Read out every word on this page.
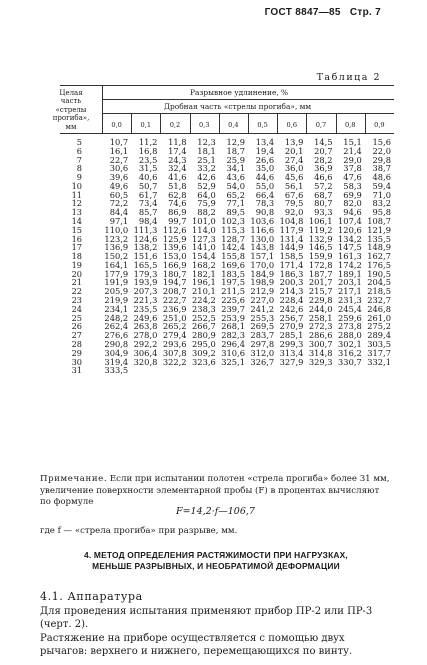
ГОСТ 8847—85 Стр. 7
Таблица 2
Целая
часть
«стрелы
прогиба»,
мм
Разрывное удлинение, %
Дробная часть «стрелы прогиба», мм
0,0	0,1	0,2	0,3	0,4	0,5	0,6	0,7	0,8	0,9
5	10,7	11,2	11,8	12,3	12,9	13,4	13,9	14,5	15,1	15,6
6	16,1	16,8	17,4	18,1	18,7	19,4	20,1	20,7	21,4	22,0
7	22,7	23,5	24,3	25,1	25,9	26,6	27,4	28,2	29,0	29,8
8	30,6	31,5	32,4	33,2	34,1	35,0	36,0	36,9	37,8	38,7
9	39,6	40,6	41,6	42,6	43,6	44,6	45,6	46,6	47,6	48,6
10	49,6	50,7	51,8	52,9	54,0	55,0	56,1	57,2	58,3	59,4
11	60,5	61,7	62,8	64,0	65,2	66,4	67,6	68,7	69,9	71,0
12	72,2	73,4	74,6	75,9	77,1	78,3	79,5	80,7	82,0	83,2
13	84,4	85,7	86,9	88,2	89,5	90,8	92,0	93,3	94,6	95,8
14	97,1	98,4	99,7 101,0 102,3 103,6 104,8 106,1 107,4 108,7
15	110,0 111,3 112,6 114,0 115,3 116,6 117,9 119,2 120,6 121,9
16	123,2 124,6 125,9 127,3 128,7 130,0 131,4 132,9 134,2 135,5
17	136,9 138,2 139,6 141,0 142,4 143,8 144,9 146,5 147,5 148,9
18	150,2 151,6 153,0 154,4 155,8 157,1 158,5 159,9 161,3 162,7
19	164,1 165,5 166,9 168,2 169,6 170,0 171,4 172,8 174,2 176,5
20	177,9 179,3 180,7 182,1 183,5 184,9 186,3 187,7 189,1 190,5
21	191,9 193,9 194,7 196,1 197,5 198,9 200,3 201,7 203,1 204,5
22	205,9 207,3 208,7 210,1 211,5 212,9 214,3 215,7 217,1 218,5
23	219,9 221,3 222,7 224,2 225,6 227,0 228,4 229,8 231,3 232,7
24	234,1 235,5 236,9 238,3 239,7 241,2 242,6 244,0 245,4 246,8
25	248,2 249,6 251,0 252,5 253,9 255,3 256,7 258,1 259,6 261,0
26	262,4 263,8 265,2 266,7 268,1 269,5 270,9 272,3 273,8 275,2
27	276,6 278,0 279,4 280,9 282,3 283,7 285,1 286,6 288,0 289,4
28	290,8 292,2 293,6 295,0 296,4 297,8 299,3 300,7 302,1 303,5
29	304,9 306,4 307,8 309,2 310,6 312,0 313,4 314,8 316,2 317,7
30	319,4 320,8 322,2 323,6 325,1 326,7 327,9 329,3 330,7 332,1
31	333,5
Примечание. Если при испытании полотен «стрела прогиба» более 31 мм, увеличение поверхности элементарной пробы (F) в процентах вычисляют по формуле
F=14,2·f—106,7
где f — «стрела прогиба» при разрыве, мм.
4. МЕТОД ОПРЕДЕЛЕНИЯ РАСТЯЖИМОСТИ ПРИ НАГРУЗКАХ,
МЕНЬШЕ РАЗРЫВНЫХ, И НЕОБРАТИМОЙ ДЕФОРМАЦИИ
4.1. Аппаратура
Для проведения испытания применяют прибор ПР-2 или ПР-3 (черт. 2).
Растяжение на приборе осуществляется с помощью двух рычагов: верхнего и нижнего, перемещающихся по винту.
